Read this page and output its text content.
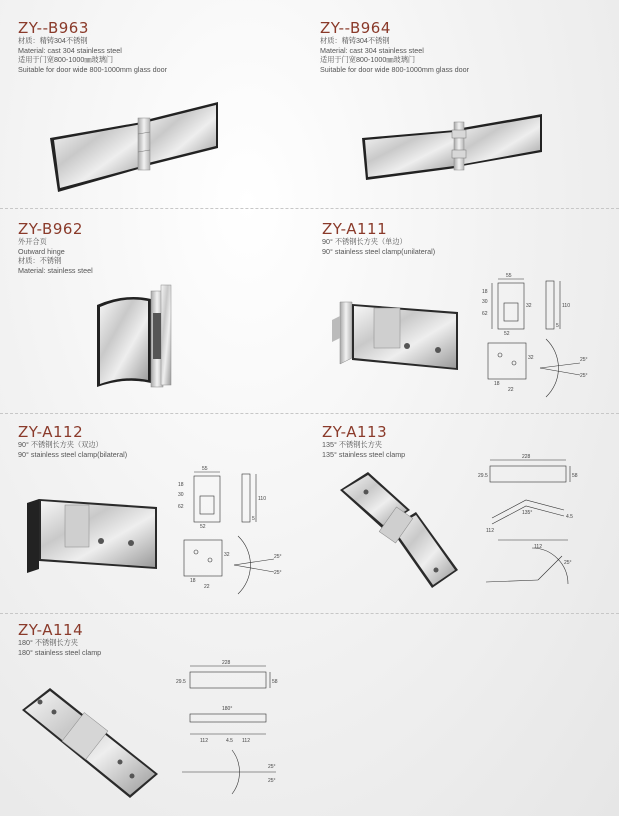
ZY--B963
材质：精铸304不锈钢
Material: cast 304 stainless steel
适用于门宽800-1000㎜玻璃门
Suitable for door wide 800-1000mm glass door
ZY--B964
材质：精铸304不锈钢
Material: cast 304 stainless steel
适用于门宽800-1000㎜玻璃门
Suitable for door wide 800-1000mm glass door
ZY-B962
外开合页
Outward hinge
材质：不锈钢
Material: stainless steel
ZY-A111
90° 不锈钢长方夹（单边）
90° stainless steel clamp(unilateral)
ZY-A112
90° 不锈钢长方夹（双边）
90° stainless steel clamp(bilateral)
ZY-A113
135° 不锈钢长方夹
135° stainless steel clamp
ZY-A114
180° 不锈钢长方夹
180° stainless steel clamp
55
110
18
30
62
32
5
52
32
18
22
25°
25°
55
110
18
30
62
5
52
32
18
22
25°
25°
228
58
29.5
112
112
135°
4.5
25°
228
58
29.5
180°
112	4.5 112
25°
25°
